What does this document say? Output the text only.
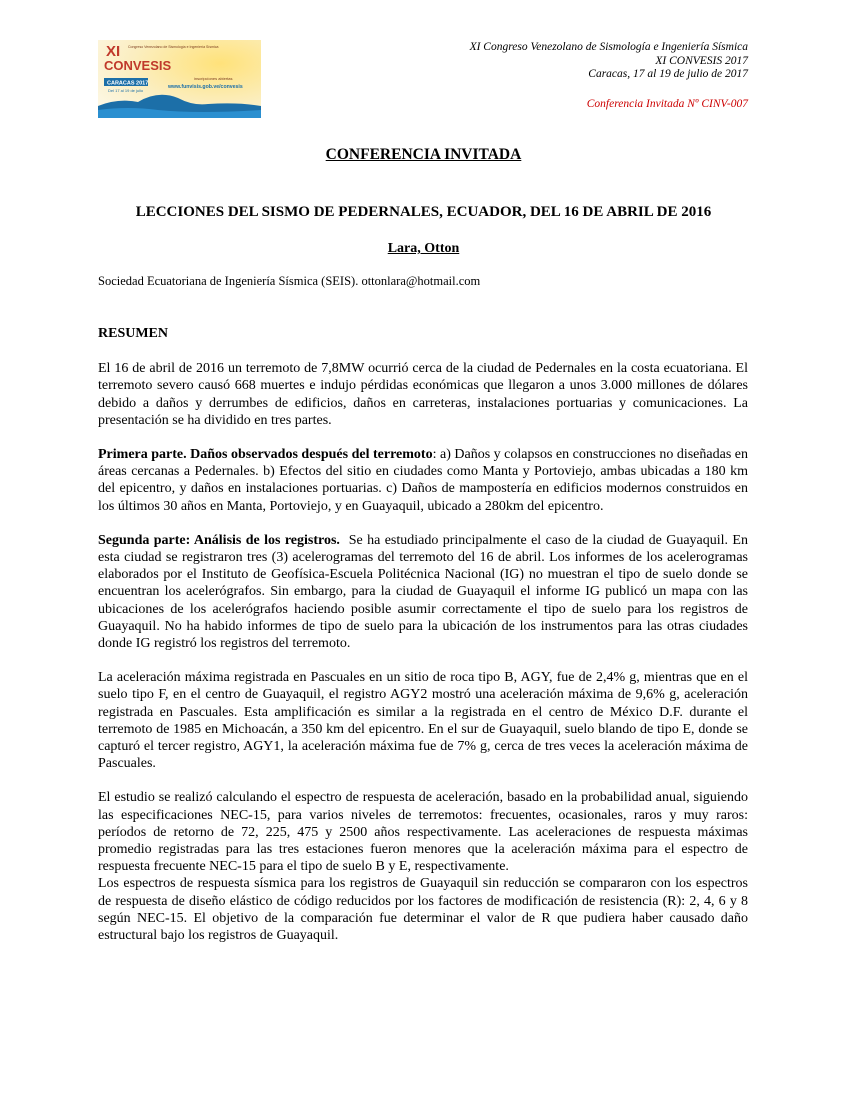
XI Congreso Venezolano de Sismología e Ingeniería Sísmica
CONVESIS
CARACAS 2017
Del 17 al 19 de julio
inscripciones abiertas
www.funvisis.gob.ve/convesis
XI Congreso Venezolano de Sismología e Ingeniería Sísmica
XI CONVESIS 2017
Caracas, 17 al 19 de julio de 2017
Conferencia Invitada Nº CINV-007
CONFERENCIA INVITADA
LECCIONES DEL SISMO DE PEDERNALES, ECUADOR, DEL 16 DE ABRIL DE 2016
Lara, Otton
Sociedad Ecuatoriana de Ingeniería Sísmica (SEIS). ottonlara@hotmail.com
RESUMEN

El 16 de abril de 2016 un terremoto de 7,8MW ocurrió cerca de la ciudad de Pedernales en la costa ecuatoriana. El terremoto severo causó 668 muertes e indujo pérdidas económicas que llegaron a unos 3.000 millones de dólares debido a daños y derrumbes de edificios, daños en carreteras, instalaciones portuarias y comunicaciones. La presentación se ha dividido en tres partes.

Primera parte. Daños observados después del terremoto: a) Daños y colapsos en construcciones no diseñadas en áreas cercanas a Pedernales. b) Efectos del sitio en ciudades como Manta y Portoviejo, ambas ubicadas a 180 km del epicentro, y daños en instalaciones portuarias. c) Daños de mampostería en edificios modernos construidos en los últimos 30 años en Manta, Portoviejo, y en Guayaquil, ubicado a 280km del epicentro.

Segunda parte: Análisis de los registros.  Se ha estudiado principalmente el caso de la ciudad de Guayaquil. En esta ciudad se registraron tres (3) acelerogramas del terremoto del 16 de abril. Los informes de los acelerogramas elaborados por el Instituto de Geofísica-Escuela Politécnica Nacional (IG) no muestran el tipo de suelo donde se encuentran los acelerógrafos. Sin embargo, para la ciudad de Guayaquil el informe IG publicó un mapa con las ubicaciones de los acelerógrafos haciendo posible asumir correctamente el tipo de suelo para los registros de Guayaquil. No ha habido informes de tipo de suelo para la ubicación de los instrumentos para las otras ciudades donde IG registró los registros del terremoto.

La aceleración máxima registrada en Pascuales en un sitio de roca tipo B, AGY, fue de 2,4% g, mientras que en el suelo tipo F, en el centro de Guayaquil, el registro AGY2 mostró una aceleración máxima de 9,6% g, aceleración registrada en Pascuales. Esta amplificación es similar a la registrada en el centro de México D.F. durante el terremoto de 1985 en Michoacán, a 350 km del epicentro. En el sur de Guayaquil, suelo blando de tipo E, donde se capturó el tercer registro, AGY1, la aceleración máxima fue de 7% g, cerca de tres veces la aceleración máxima de Pascuales.

El estudio se realizó calculando el espectro de respuesta de aceleración, basado en la probabilidad anual, siguiendo las especificaciones NEC-15, para varios niveles de terremotos: frecuentes, ocasionales, raros y muy raros: períodos de retorno de 72, 225, 475 y 2500 años respectivamente. Las aceleraciones de respuesta máximas promedio registradas para las tres estaciones fueron menores que la aceleración máxima para el espectro de respuesta frecuente NEC-15 para el tipo de suelo B y E, respectivamente.

Los espectros de respuesta sísmica para los registros de Guayaquil sin reducción se compararon con los espectros de respuesta de diseño elástico de código reducidos por los factores de modificación de resistencia (R): 2, 4, 6 y 8 según NEC-15. El objetivo de la comparación fue determinar el valor de R que pudiera haber causado daño estructural bajo los registros de Guayaquil.
